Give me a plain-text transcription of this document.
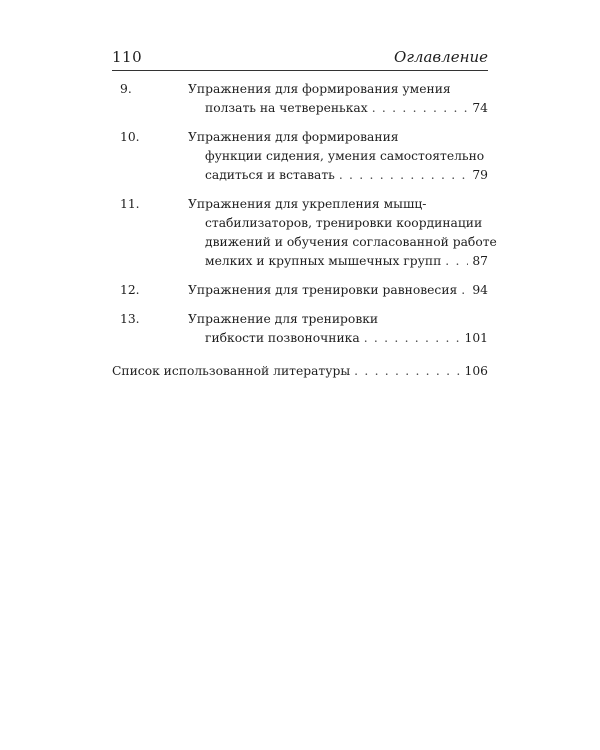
110	Оглавление
9.	Упражнения для формирования умения
ползать на четвереньках . . .	74
10.	Упражнения для формирования
функции сидения, умения самостоятельно
садиться и вставать . . .	79
11.	Упражнения для укрепления мышц-
стабилизаторов, тренировки координации
движений и обучения согласованной работе
мелких и крупных мышечных групп . . .	87
12.	Упражнения для тренировки равновесия . . . 94
13.	Упражнение для тренировки
гибкости позвоночника . . .	101
Список использованной литературы . . .	106
